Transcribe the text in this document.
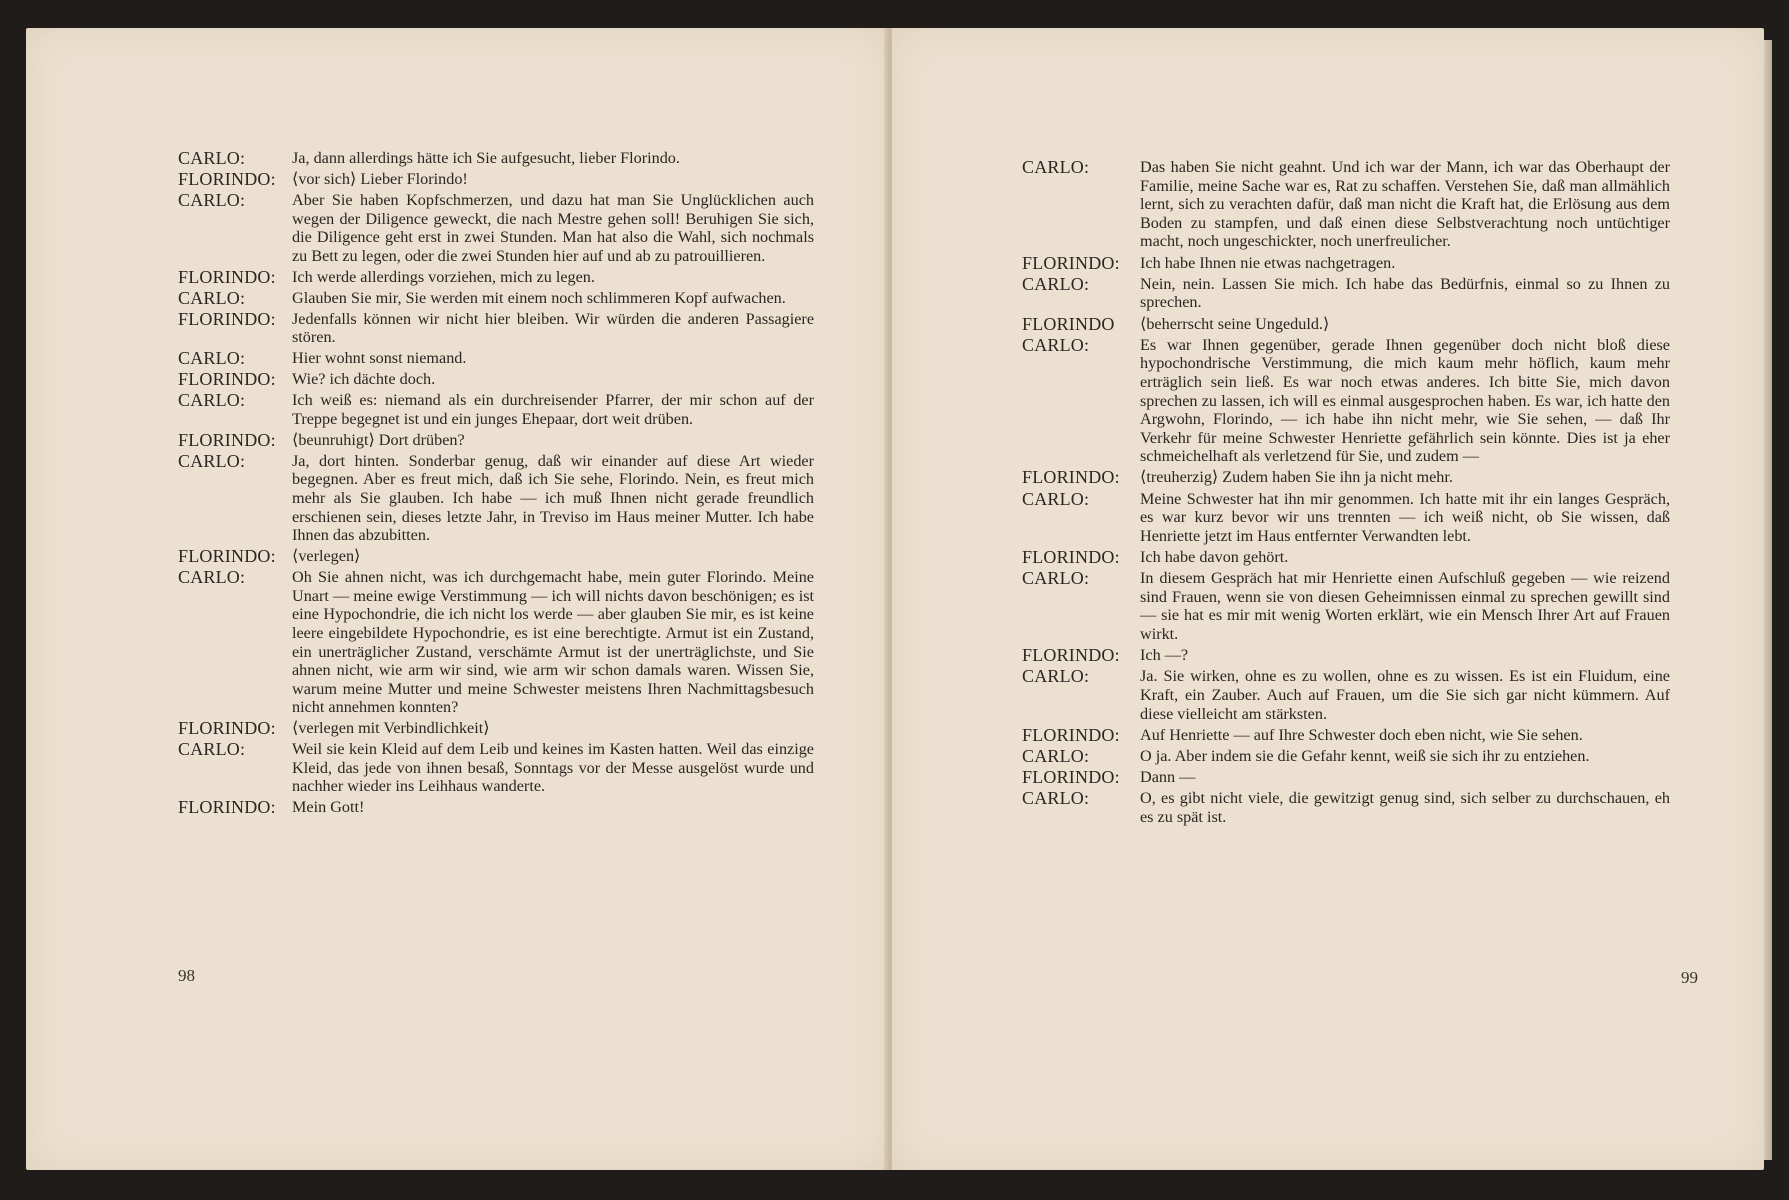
CARLO:	Ja, dann allerdings hätte ich Sie aufgesucht, lieber Florindo.
FLORINDO: ⟨vor sich⟩ Lieber Florindo!
CARLO:	Aber Sie haben Kopfschmerzen, und dazu hat man Sie Unglücklichen auch wegen der Diligence geweckt, die nach Mestre gehen soll! Beruhigen Sie sich, die Diligence geht erst in zwei Stunden. Man hat also die Wahl, sich nochmals zu Bett zu legen, oder die zwei Stunden hier auf und ab zu patrouillieren.
FLORINDO: Ich werde allerdings vorziehen, mich zu legen.
CARLO:	Glauben Sie mir, Sie werden mit einem noch schlimmeren Kopf aufwachen.
FLORINDO: Jedenfalls können wir nicht hier bleiben. Wir würden die anderen Passagiere stören.
CARLO:	Hier wohnt sonst niemand.
FLORINDO: Wie? ich dächte doch.
CARLO:	Ich weiß es: niemand als ein durchreisender Pfarrer, der mir schon auf der Treppe begegnet ist und ein junges Ehepaar, dort weit drüben.
FLORINDO: ⟨beunruhigt⟩ Dort drüben?
CARLO:	Ja, dort hinten. Sonderbar genug, daß wir einander auf diese Art wieder begegnen. Aber es freut mich, daß ich Sie sehe, Florindo. Nein, es freut mich mehr als Sie glauben. Ich habe — ich muß Ihnen nicht gerade freundlich erschienen sein, dieses letzte Jahr, in Treviso im Haus meiner Mutter. Ich habe Ihnen das abzubitten.
FLORINDO: ⟨verlegen⟩
CARLO:	Oh Sie ahnen nicht, was ich durchgemacht habe, mein guter Florindo. Meine Unart — meine ewige Verstimmung — ich will nichts davon beschönigen; es ist eine Hypochondrie, die ich nicht los werde — aber glauben Sie mir, es ist keine leere eingebildete Hypochondrie, es ist eine berechtigte. Armut ist ein Zustand, ein unerträglicher Zustand, verschämte Armut ist der unerträglichste, und Sie ahnen nicht, wie arm wir sind, wie arm wir schon damals waren. Wissen Sie, warum meine Mutter und meine Schwester meistens Ihren Nachmittagsbesuch nicht annehmen konnten?
FLORINDO: ⟨verlegen mit Verbindlichkeit⟩
CARLO:	Weil sie kein Kleid auf dem Leib und keines im Kasten hatten. Weil das einzige Kleid, das jede von ihnen besaß, Sonntags vor der Messe ausgelöst wurde und nachher wieder ins Leihhaus wanderte.
FLORINDO: Mein Gott!
98
CARLO:	Das haben Sie nicht geahnt. Und ich war der Mann, ich war das Oberhaupt der Familie, meine Sache war es, Rat zu schaffen. Verstehen Sie, daß man allmählich lernt, sich zu verachten dafür, daß man nicht die Kraft hat, die Erlösung aus dem Boden zu stampfen, und daß einen diese Selbstverachtung noch untüchtiger macht, noch ungeschickter, noch unerfreulicher.
FLORINDO:	Ich habe Ihnen nie etwas nachgetragen.
CARLO:	Nein, nein. Lassen Sie mich. Ich habe das Bedürfnis, einmal so zu Ihnen zu sprechen.
FLORINDO	⟨beherrscht seine Ungeduld.⟩
CARLO:	Es war Ihnen gegenüber, gerade Ihnen gegenüber doch nicht bloß diese hypochondrische Verstimmung, die mich kaum mehr höflich, kaum mehr erträglich sein ließ. Es war noch etwas anderes. Ich bitte Sie, mich davon sprechen zu lassen, ich will es einmal ausgesprochen haben. Es war, ich hatte den Argwohn, Florindo, — ich habe ihn nicht mehr, wie Sie sehen, — daß Ihr Verkehr für meine Schwester Henriette gefährlich sein könnte. Dies ist ja eher schmeichelhaft als verletzend für Sie, und zudem —
FLORINDO:	⟨treuherzig⟩ Zudem haben Sie ihn ja nicht mehr.
CARLO:	Meine Schwester hat ihn mir genommen. Ich hatte mit ihr ein langes Gespräch, es war kurz bevor wir uns trennten — ich weiß nicht, ob Sie wissen, daß Henriette jetzt im Haus entfernter Verwandten lebt.
FLORINDO:	Ich habe davon gehört.
CARLO:	In diesem Gespräch hat mir Henriette einen Aufschluß gegeben — wie reizend sind Frauen, wenn sie von diesen Geheimnissen einmal zu sprechen gewillt sind — sie hat es mir mit wenig Worten erklärt, wie ein Mensch Ihrer Art auf Frauen wirkt.
FLORINDO:	Ich —?
CARLO:	Ja. Sie wirken, ohne es zu wollen, ohne es zu wissen. Es ist ein Fluidum, eine Kraft, ein Zauber. Auch auf Frauen, um die Sie sich gar nicht kümmern. Auf diese vielleicht am stärksten.
FLORINDO:	Auf Henriette — auf Ihre Schwester doch eben nicht, wie Sie sehen.
CARLO:	O ja. Aber indem sie die Gefahr kennt, weiß sie sich ihr zu entziehen.
FLORINDO:	Dann —
CARLO:	O, es gibt nicht viele, die gewitzigt genug sind, sich selber zu durchschauen, eh es zu spät ist.
99
